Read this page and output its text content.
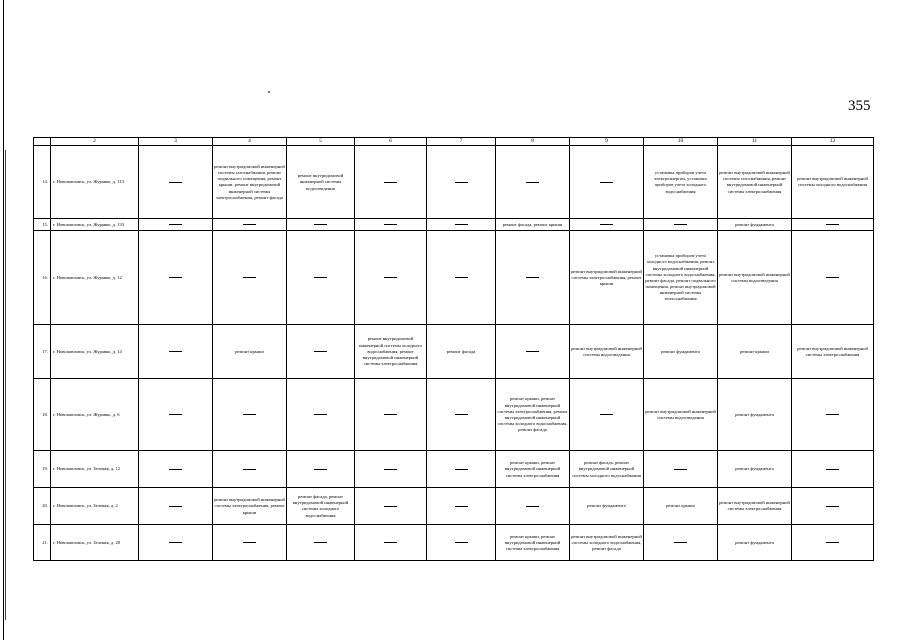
355
	2	3	4	5	6	7	8	9	10	11	12
14.	г. Новопавловск, ул. Журавко, д. 113		ремонт внутридомовой инженерной системы газоснабжения, ремонт подвального помещения, ремонт крыши, ремонт внутридомовой инженерной системы электроснабжения, ремонт фасада	ремонт внутридомовой инженерной системы водоотведения					установка приборов учета электроэнергии, установка приборов учета холодного водоснабжения	ремонт внутридомовой инженерной системы газоснабжения, ремонт внутридомовой инженерной системы электроснабжения	ремонт внутридомовой инженерной системы холодного водоснабжения
15.	г. Новопавловск, ул. Журавко, д. 133						ремонт фасада, ремонт крыши			ремонт фундамента	
16.	г. Новопавловск, ул. Журавко, д. 12							ремонт внутридомовой инженерной системы электроснабжения, ремонт крыши	установка приборов учета холодного водоснабжения, ремонт внутридомовой инженерной системы холодного водоснабжения, ремонт фасада, ремонт подвального помещения, ремонт внутридомовой инженерной системы теплоснабжения	ремонт внутридомовой инженерной системы водоотведения	
17.	г. Новопавловск, ул. Журавко, д. 14		ремонт крыши		ремонт внутридомовой инженерной системы холодного водоснабжения, ремонт внутридомовой инженерной системы электроснабжения	ремонт фасада		ремонт внутридомовой инженерной системы водоотведения	ремонт фундамента	ремонт крыши	ремонт внутридомовой инженерной системы электроснабжения
18.	г. Новопавловск, ул. Журавко, д. 6						ремонт крыши, ремонт внутридомовой инженерной системы электроснабжения, ремонт внутридомовой инженерной системы холодного водоснабжения, ремонт фасада		ремонт внутридомовой инженерной системы водоотведения	ремонт фундамента	
19.	г. Новопавловск, ул. Зеленая, д. 12						ремонт крыши, ремонт внутридомовой инженерной системы электроснабжения	ремонт фасада, ремонт внутридомовой инженерной системы холодного водоснабжения		ремонт фундамента	
20.	г. Новопавловск, ул. Зеленая, д. 2		ремонт внутридомовой инженерной системы электроснабжения, ремонт крыши	ремонт фасада, ремонт внутридомовой инженерной системы холодного водоснабжения				ремонт фундамента	ремонт крыши	ремонт внутридомовой инженерной системы электроснабжения	
21.	г. Новопавловск, ул. Зеленая, д. 20						ремонт крыши, ремонт внутридомовой инженерной системы электроснабжения	ремонт внутридомовой инженерной системы холодного водоснабжения, ремонт фасада		ремонт фундамента	
